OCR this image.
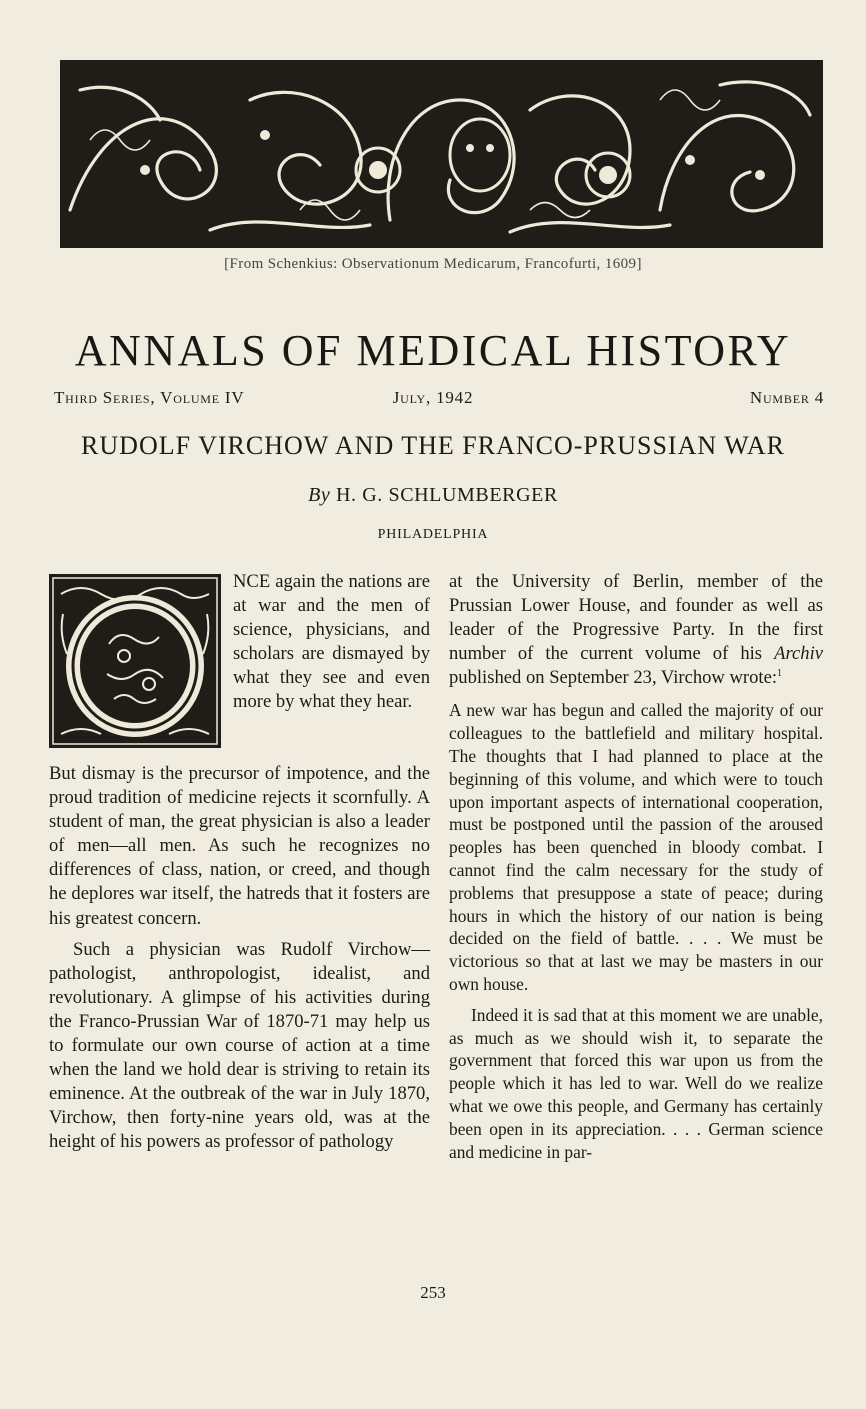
[From Schenkius: Observationum Medicarum, Francofurti, 1609]
ANNALS OF MEDICAL HISTORY
Third Series, Volume IV	July, 1942	Number 4
RUDOLF VIRCHOW AND THE FRANCO-PRUSSIAN WAR
By H. G. SCHLUMBERGER
PHILADELPHIA
NCE again the nations are at war and the men of science, physicians, and scholars are dismayed by what they see and even more by what they hear.

But dismay is the precursor of impotence, and the proud tradition of medicine rejects it scornfully. A student of man, the great physician is also a leader of men—all men. As such he recognizes no differences of class, nation, or creed, and though he deplores war itself, the hatreds that it fosters are his greatest concern.

Such a physician was Rudolf Virchow—pathologist, anthropologist, idealist, and revolutionary. A glimpse of his activities during the Franco-Prussian War of 1870-71 may help us to formulate our own course of action at a time when the land we hold dear is striving to retain its eminence. At the outbreak of the war in July 1870, Virchow, then forty-nine years old, was at the height of his powers as professor of pathology

at the University of Berlin, member of the Prussian Lower House, and founder as well as leader of the Progressive Party. In the first number of the current volume of his Archiv published on September 23, Virchow wrote:$^1$

A new war has begun and called the majority of our colleagues to the battlefield and military hospital. The thoughts that I had planned to place at the beginning of this volume, and which were to touch upon important aspects of international cooperation, must be postponed until the passion of the aroused peoples has been quenched in bloody combat. I cannot find the calm necessary for the study of problems that presuppose a state of peace; during hours in which the history of our nation is being decided on the field of battle. . . . We must be victorious so that at last we may be masters in our own house.

Indeed it is sad that at this moment we are unable, as much as we should wish it, to separate the government that forced this war upon us from the people which it has led to war. Well do we realize what we owe this people, and Germany has certainly been open in its appreciation. . . . German science and medicine in par-

253
